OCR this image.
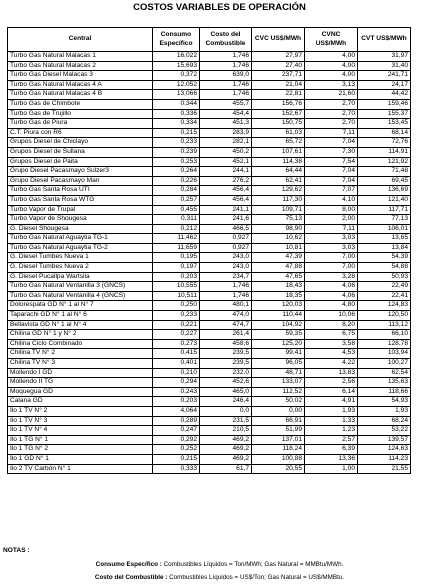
COSTOS VARIABLES DE OPERACIÓN
Central	Consumo Específico	Costo del Combustible	CVC US$/MWh	CVNC US$/MWh	CVT US$/MWh
Turbo Gas Natural Malacas 1	16,022	1,746	27,97	4,00	31,97
Turbo Gas Natural Malacas 2	15,693	1,746	27,40	4,00	31,40
Turbo Gas Diesel Malacas 3	0,372	639,0	237,71	4,00	241,71
Turbo Gas Natural Malacas 4 A	12,052	1,746	21,04	3,13	24,17
Turbo Gas Natural Malacas 4 B	13,066	1,746	22,81	21,60	44,42
Turbo Gas de Chimbote	0,344	455,7	156,76	2,70	159,46
Turbo Gas de Trujillo	0,336	454,4	152,67	2,70	155,37
Turbo Gas de Piura	0,334	451,3	150,75	2,70	153,45
C.T. Piura con R6	0,215	283,9	61,03	7,11	68,14
Grupos Diesel de Chiclayo	0,233	282,1	65,72	7,04	72,76
Grupos Diesel de Sullana	0,239	450,2	107,61	7,30	114,91
Grupos Diesel de Paita	0,253	452,1	114,38	7,54	121,92
Grupo Diesel Pacasmayo Sulzer3	0,264	244,1	64,44	7,04	71,48
Grupo Diesel Pacasmayo Man	0,226	276,2	62,41	7,04	69,45
Turbo Gas Santa Rosa UTI	0,284	456,4	129,62	7,07	136,69
Turbo Gas Santa Rosa WTG	0,257	456,4	117,30	4,10	121,40
Turbo Vapor de Trupal	0,455	241,1	109,71	8,00	117,71
Turbo Vapor de Shougesa	0,311	241,6	75,13	2,00	77,13
G. Diesel Shougesa	0,212	466,5	98,90	7,11	106,01
Turbo Gas Natural Aguaytia TG-1	11,462	0,927	10,62	3,03	13,65
Turbo Gas Natural Aguaytia TG-2	11,659	0,927	10,81	3,03	13,84
G. Diesel Tumbes Nueva 1	0,195	243,0	47,39	7,00	54,39
G. Diesel Tumbes Nueva 2	0,197	243,0	47,88	7,00	54,88
G. Diesel Pucallpa Wartsila	0,203	234,7	47,65	3,28	50,93
Turbo Gas Natural Ventanilla 3 (GNCS)	10,555	1,746	18,43	4,06	22,49
Turbo Gas Natural Ventanilla 4 (GNCS)	10,511	1,746	18,35	4,06	22,41
Dolorespata GD N° 1 al N° 7	0,250	480,1	120,03	4,80	124,83
Taparachi GD N° 1 al N° 6	0,233	474,0	110,44	10,06	120,50
Bellavista GD N° 1 al N° 4	0,221	474,7	104,92	8,20	113,12
Chilina GD N° 1 y N° 2	0,227	261,4	59,35	6,75	66,10
Chilina Ciclo Combinado	0,273	458,6	125,20	3,58	128,78
Chilina TV N° 2	0,415	239,5	99,41	4,53	103,94
Chilina TV N° 3	0,401	239,5	96,05	4,22	100,27
Mollendo I GD	0,210	232,0	48,71	13,83	62,54
Mollendo II TG	0,294	452,6	133,07	2,56	135,63
Moquegua GD	0,243	465,0	112,52	6,14	118,66
Calana GD	0,203	246,4	50,02	4,91	54,93
Ilo 1 TV N° 2	4,064	0,0	0,00	1,93	1,93
Ilo 1 TV N° 3	0,289	231,5	66,91	1,33	68,24
Ilo 1 TV N° 4	0,247	210,5	51,99	1,23	53,22
Ilo 1 TG N° 1	0,292	469,2	137,01	2,57	139,57
Ilo 1 TG N° 2	0,252	469,2	118,24	6,39	124,63
Ilo 1 GD N° 1	0,215	469,2	100,88	13,36	114,23
Ilo 2 TV Carbón N° 1	0,333	61,7	20,55	1,00	21,55
NOTAS :
Consumo Específico : Combustibles Líquidos = Ton/MWh; Gas Natural = MMBtu/MWh.
Costo del Combustible : Combustibles Líquidos = US$/Ton; Gas Natural = US$/MMBtu.
